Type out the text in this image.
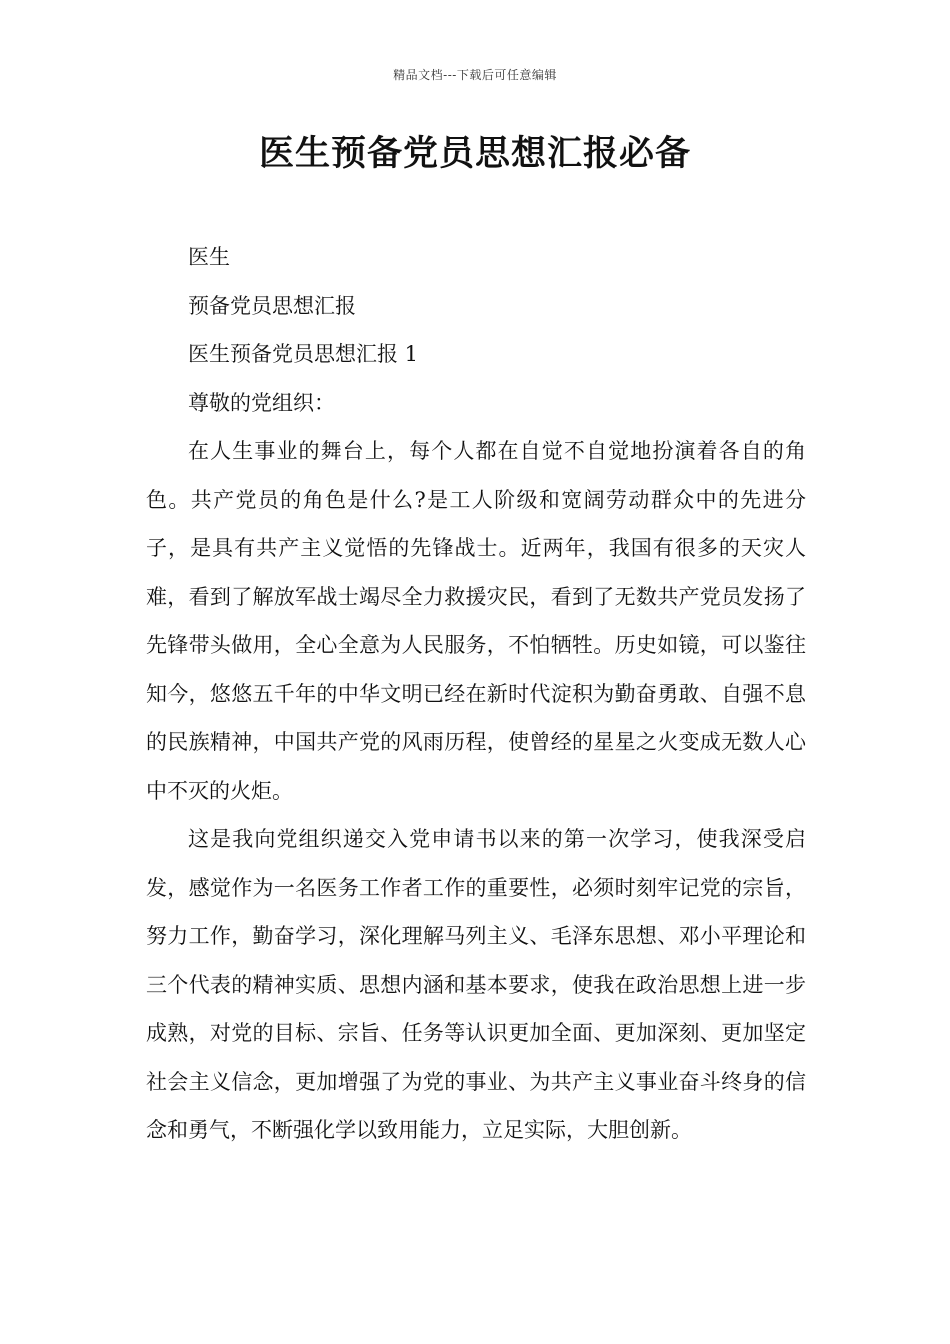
精品文档---下载后可任意编辑
医生预备党员思想汇报必备

医生

预备党员思想汇报

医生预备党员思想汇报 1

尊敬的党组织：

在人生事业的舞台上，每个人都在自觉不自觉地扮演着各自的角色。共产党员的角色是什么?是工人阶级和宽阔劳动群众中的先进分子，是具有共产主义觉悟的先锋战士。近两年，我国有很多的天灾人难，看到了解放军战士竭尽全力救援灾民，看到了无数共产党员发扬了先锋带头做用，全心全意为人民服务，不怕牺牲。历史如镜，可以鉴往知今，悠悠五千年的中华文明已经在新时代淀积为勤奋勇敢、自强不息的民族精神，中国共产党的风雨历程，使曾经的星星之火变成无数人心中不灭的火炬。

这是我向党组织递交入党申请书以来的第一次学习，使我深受启发，感觉作为一名医务工作者工作的重要性，必须时刻牢记党的宗旨，努力工作，勤奋学习，深化理解马列主义、毛泽东思想、邓小平理论和三个代表的精神实质、思想内涵和基本要求，使我在政治思想上进一步成熟，对党的目标、宗旨、任务等认识更加全面、更加深刻、更加坚定社会主义信念，更加增强了为党的事业、为共产主义事业奋斗终身的信念和勇气，不断强化学以致用能力，立足实际，大胆创新。
